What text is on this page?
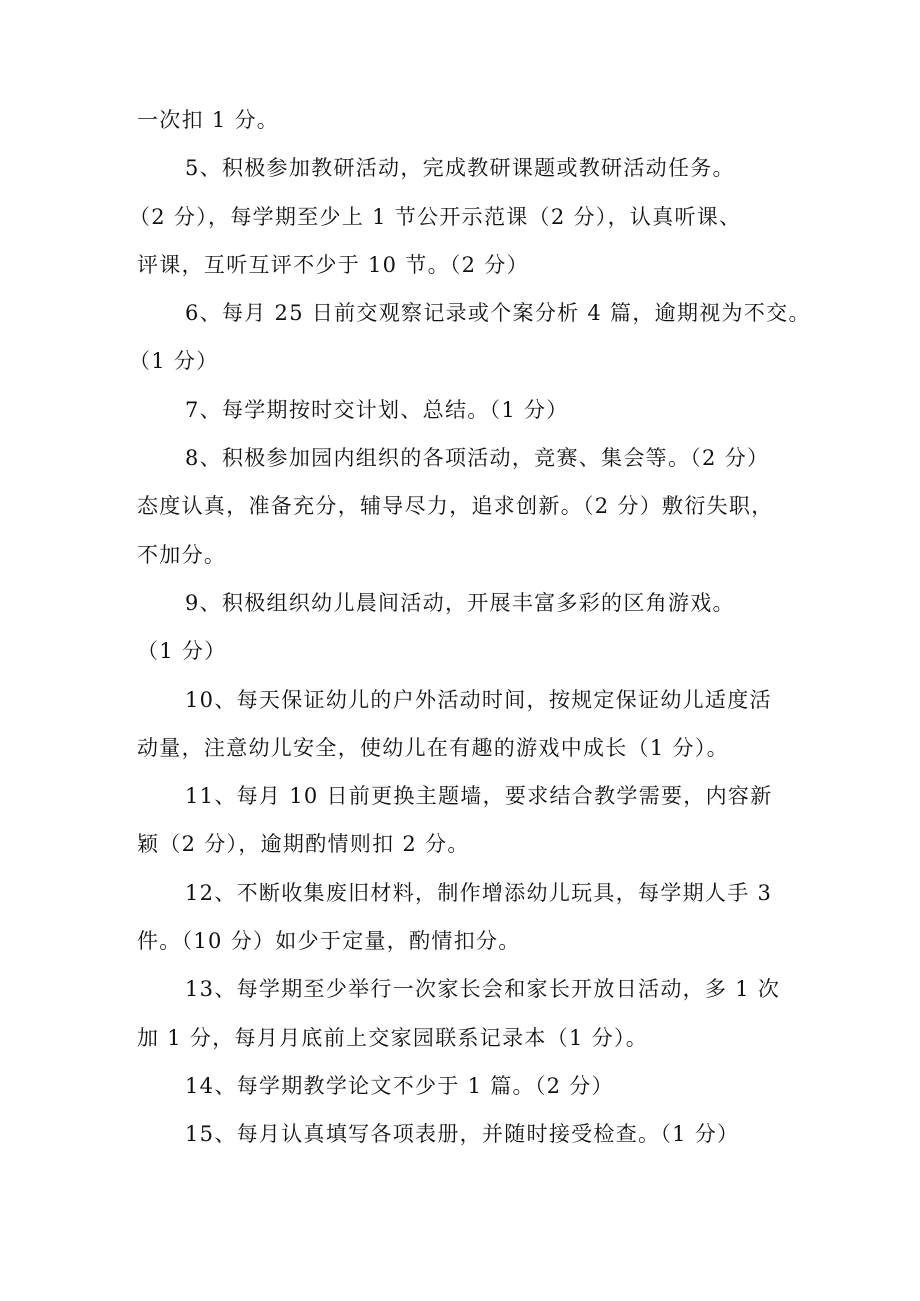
一次扣 1 分。
5、积极参加教研活动，完成教研课题或教研活动任务。
（2 分），每学期至少上 1 节公开示范课（2 分），认真听课、
评课，互听互评不少于 10 节。（2 分）
6、每月 25 日前交观察记录或个案分析 4 篇，逾期视为不交。
（1 分）
7、每学期按时交计划、总结。（1 分）
8、积极参加园内组织的各项活动，竞赛、集会等。（2 分）
态度认真，准备充分，辅导尽力，追求创新。（2 分）敷衍失职，
不加分。
9、积极组织幼儿晨间活动，开展丰富多彩的区角游戏。
（1 分）
10、每天保证幼儿的户外活动时间，按规定保证幼儿适度活
动量，注意幼儿安全，使幼儿在有趣的游戏中成长（1 分）。
11、每月 10 日前更换主题墙，要求结合教学需要，内容新
颖（2 分），逾期酌情则扣 2 分。
12、不断收集废旧材料，制作增添幼儿玩具，每学期人手 3
件。（10 分）如少于定量，酌情扣分。
13、每学期至少举行一次家长会和家长开放日活动，多 1 次
加 1 分，每月月底前上交家园联系记录本（1 分）。
14、每学期教学论文不少于 1 篇。（2 分）
15、每月认真填写各项表册，并随时接受检查。（1 分）
